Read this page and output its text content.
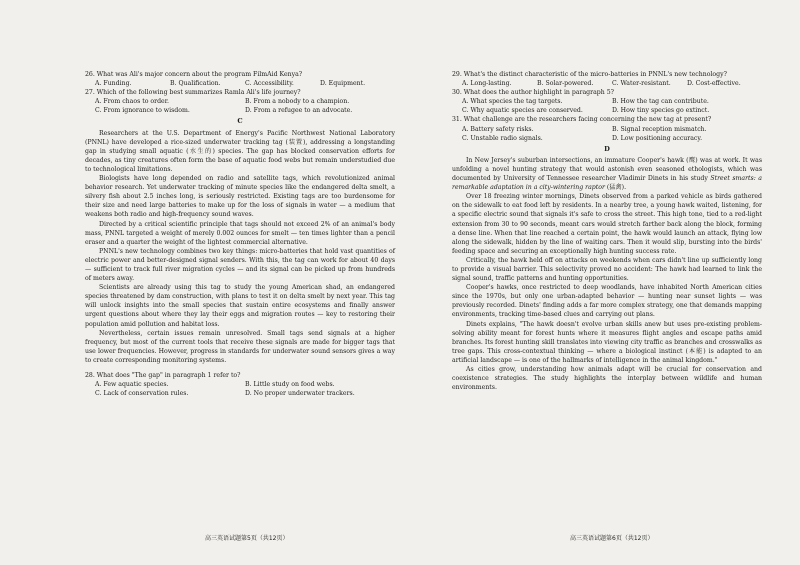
26. What was Ali's major concern about the program FilmAid Kenya?
A. Funding.	B. Qualification.	C. Accessibility.	D. Equipment.
27. Which of the following best summarizes Ramla Ali's life journey?
A. From chaos to order.	B. From a nobody to a champion.
C. From ignorance to wisdom.	D. From a refugee to an advocate.
C

Researchers at the U.S. Department of Energy's Pacific Northwest National Laboratory (PNNL) have developed a rice-sized underwater tracking tag (装置), addressing a longstanding gap in studying small aquatic (水生的) species. The gap has blocked conservation efforts for decades, as tiny creatures often form the base of aquatic food webs but remain understudied due to technological limitations.

Biologists have long depended on radio and satellite tags, which revolutionized animal behavior research. Yet underwater tracking of minute species like the endangered delta smelt, a silvery fish about 2.5 inches long, is seriously restricted. Existing tags are too burdensome for their size and need large batteries to make up for the loss of signals in water — a medium that weakens both radio and high-frequency sound waves.

Directed by a critical scientific principle that tags should not exceed 2% of an animal's body mass, PNNL targeted a weight of merely 0.002 ounces for smelt — ten times lighter than a pencil eraser and a quarter the weight of the lightest commercial alternative.

PNNL's new technology combines two key things: micro-batteries that hold vast quantities of electric power and better-designed signal senders. With this, the tag can work for about 40 days — sufficient to track full river migration cycles — and its signal can be picked up from hundreds of meters away.

Scientists are already using this tag to study the young American shad, an endangered species threatened by dam construction, with plans to test it on delta smelt by next year. This tag will unlock insights into the small species that sustain entire ecosystems and finally answer urgent questions about where they lay their eggs and migration routes — key to restoring their population amid pollution and habitat loss.

Nevertheless, certain issues remain unresolved. Small tags send signals at a higher frequency, but most of the current tools that receive these signals are made for bigger tags that use lower frequencies. However, progress in standards for underwater sound sensors gives a way to create corresponding monitoring systems.

28. What does "The gap" in paragraph 1 refer to?
A. Few aquatic species.	B. Little study on food webs.
C. Lack of conservation rules.	D. No proper underwater trackers.
29. What's the distinct characteristic of the micro-batteries in PNNL's new technology?
A. Long-lasting.	B. Solar-powered.	C. Water-resistant.	D. Cost-effective.
30. What does the author highlight in paragraph 5?
A. What species the tag targets.	B. How the tag can contribute.
C. Why aquatic species are conserved.	D. How tiny species go extinct.
31. What challenge are the researchers facing concerning the new tag at present?
A. Battery safety risks.	B. Signal reception mismatch.
C. Unstable radio signals.	D. Low positioning accuracy.
D

In New Jersey's suburban intersections, an immature Cooper's hawk (鹰) was at work. It was unfolding a novel hunting strategy that would astonish even seasoned ethologists, which was documented by University of Tennessee researcher Vladimir Dinets in his study Street smarts: a remarkable adaptation in a city-wintering raptor (猛禽).

Over 18 freezing winter mornings, Dinets observed from a parked vehicle as birds gathered on the sidewalk to eat food left by residents. In a nearby tree, a young hawk waited, listening, for a specific electric sound that signals it's safe to cross the street. This high tone, tied to a red-light extension from 30 to 90 seconds, meant cars would stretch farther back along the block, forming a dense line. When that line reached a certain point, the hawk would launch an attack, flying low along the sidewalk, hidden by the line of waiting cars. Then it would slip, bursting into the birds' feeding space and securing an exceptionally high hunting success rate.

Critically, the hawk held off on attacks on weekends when cars didn't line up sufficiently long to provide a visual barrier. This selectivity proved no accident: The hawk had learned to link the signal sound, traffic patterns and hunting opportunities.

Cooper's hawks, once restricted to deep woodlands, have inhabited North American cities since the 1970s, but only one urban-adapted behavior — hunting near sunset lights — was previously recorded. Dinets' finding adds a far more complex strategy, one that demands mapping environments, tracking time-based clues and carrying out plans.

Dinets explains, "The hawk doesn't evolve urban skills anew but uses pre-existing problem-solving ability meant for forest hunts where it measures flight angles and escape paths amid branches. Its forest hunting skill translates into viewing city traffic as branches and crosswalks as tree gaps. This cross-contextual thinking — where a biological instinct (本能) is adapted to an artificial landscape — is one of the hallmarks of intelligence in the animal kingdom."

As cities grow, understanding how animals adapt will be crucial for conservation and coexistence strategies. The study highlights the interplay between wildlife and human environments.

高三英语试题第5页（共12页）	高三英语试题第6页（共12页）
